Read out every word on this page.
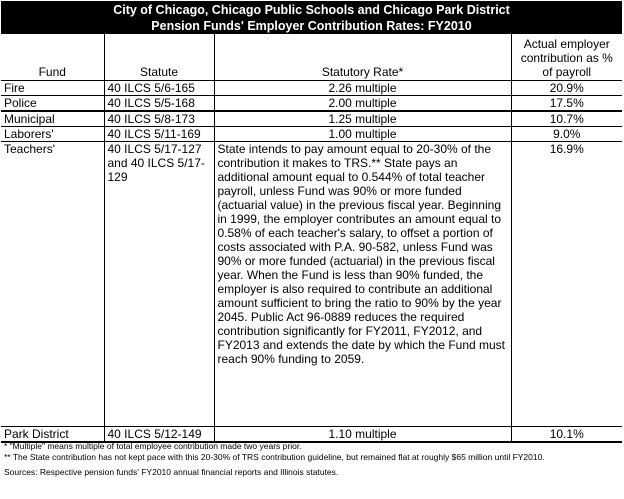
City of Chicago, Chicago Public Schools and Chicago Park District
Pension Funds' Employer Contribution Rates: FY2010
Fund	Statute	Statutory Rate*	Actual employer contribution as % of payroll
Fire	40 ILCS 5/6-165	2.26 multiple	20.9%
Police	40 ILCS 5/5-168	2.00 multiple	17.5%
Municipal	40 ILCS 5/8-173	1.25 multiple	10.7%
Laborers'	40 ILCS 5/11-169	1.00 multiple	9.0%
Teachers'	40 ILCS 5/17-127 and 40 ILCS 5/17-129	State intends to pay amount equal to 20-30% of the contribution it makes to TRS.** State pays an additional amount equal to 0.544% of total teacher payroll, unless Fund was 90% or more funded (actuarial value) in the previous fiscal year. Beginning in 1999, the employer contributes an amount equal to 0.58% of each teacher's salary, to offset a portion of costs associated with P.A. 90-582, unless Fund was 90% or more funded (actuarial) in the previous fiscal year. When the Fund is less than 90% funded, the employer is also required to contribute an additional amount sufficient to bring the ratio to 90% by the year 2045. Public Act 96-0889 reduces the required contribution significantly for FY2011, FY2012, and FY2013 and extends the date by which the Fund must reach 90% funding to 2059.	16.9%
Park District	40 ILCS 5/12-149	1.10 multiple	10.1%

* "Multiple" means multiple of total employee contribution made two years prior.

** The State contribution has not kept pace with this 20-30% of TRS contribution guideline, but remained flat at roughly $65 million until FY2010.

Sources: Respective pension funds' FY2010 annual financial reports and Illinois statutes.
